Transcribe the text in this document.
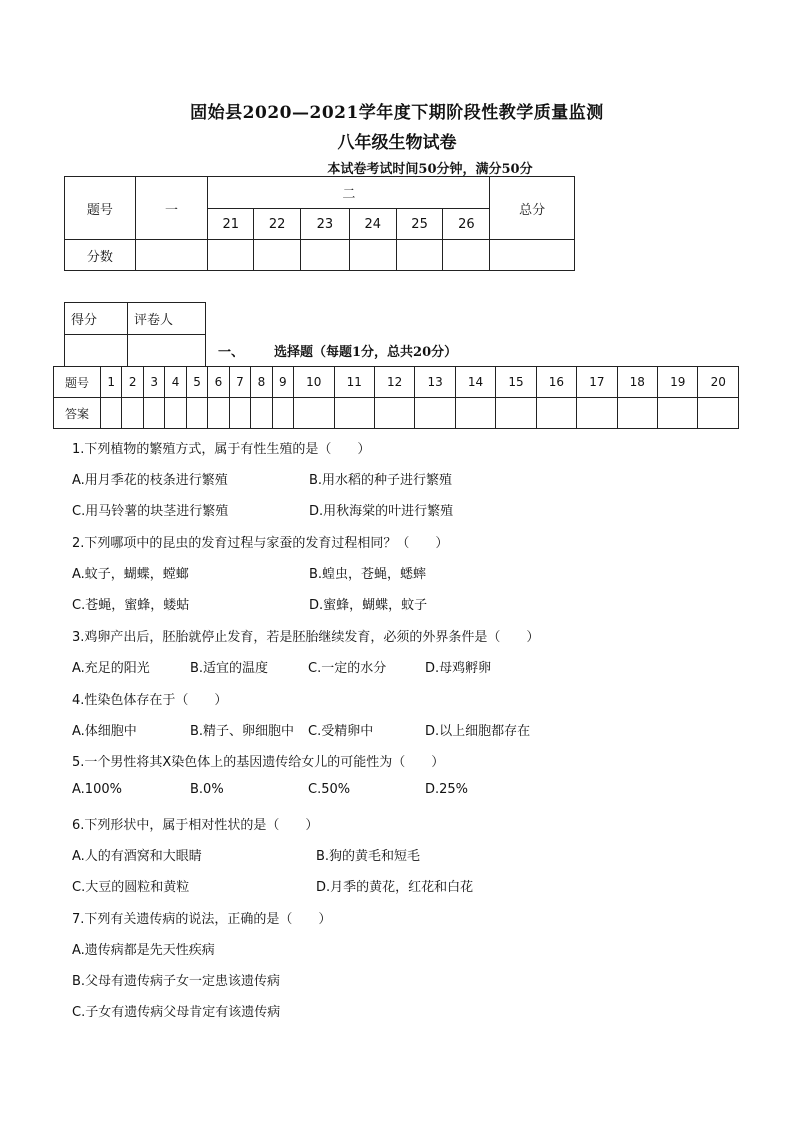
固始县2020—2021学年度下期阶段性教学质量监测
八年级生物试卷
本试卷考试时间50分钟，满分50分
题号	一	二						总分
		21	22	23	24	25	26	
分数								
得分	评卷人

一、 选择题（每题1分，总共20分）
题号	1	2	3	4	5	6	7	8	9	10	11	12	13	14	15	16	17	18	19	20
答案																				
1.下列植物的繁殖方式，属于有性生殖的是（　　）
A.用月季花的枝条进行繁殖	B.用水稻的种子进行繁殖
C.用马铃薯的块茎进行繁殖	D.用秋海棠的叶进行繁殖
2.下列哪项中的昆虫的发育过程与家蚕的发育过程相同？（　　）
A.蚊子，蝴蝶，螳螂	B.蝗虫，苍蝇，蟋蟀
C.苍蝇，蜜蜂，蝼蛄	D.蜜蜂，蝴蝶，蚊子
3.鸡卵产出后，胚胎就停止发育，若是胚胎继续发育，必须的外界条件是（　　）
A.充足的阳光	B.适宜的温度	C.一定的水分	D.母鸡孵卵
4.性染色体存在于（　　）
A.体细胞中	B.精子、卵细胞中 C.受精卵中	D.以上细胞都存在
5.一个男性将其X染色体上的基因遗传给女儿的可能性为（　　）
A.100%	B.0%	C.50%	D.25%
6.下列形状中，属于相对性状的是（　　）
A.人的有酒窝和大眼睛	B.狗的黄毛和短毛
C.大豆的圆粒和黄粒	D.月季的黄花，红花和白花
7.下列有关遗传病的说法，正确的是（　　）
A.遗传病都是先天性疾病
B.父母有遗传病子女一定患该遗传病
C.子女有遗传病父母肯定有该遗传病
